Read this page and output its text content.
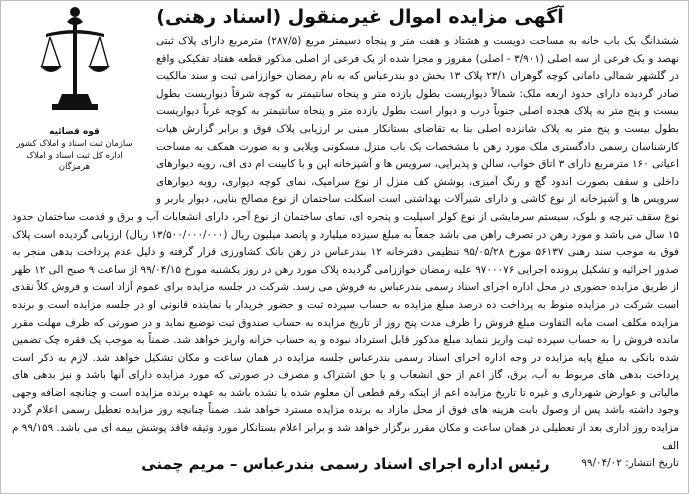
آگهی مزایده اموال غیرمنقول (اسناد رهنی)

قوه قضائیه

سازمان ثبت اسناد و املاک کشور

اداره کل ثبت اسناد و املاک هرمزگان

ششدانگ یک باب خانه به مساحت دویست و هشتاد و هفت متر و پنجاه دسیمتر مربع (۲۸۷/۵) مترمربع دارای پلاک ثبتی نهصد و یک فرعی از سه اصلی (۳/۹۰۱ - اصلی) مفروز و مجزا شده از یک فرعی از اصلی مذکور قطعه هفتاد تفکیکی واقع در گلشهر شمالی دامانی کوچه گوهران ۲۳/۱ پلاک ۱۳ بخش دو بندرعباس که به نام رمضان خواززامی ثبت و سند مالکیت صادر گردیده دارای حدود اربعه ملک: شمالاً دیواریست بطول یازده متر و پنجاه سانتیمتر به کوچه شرقاً دیواریست بطول بیست و پنج متر به پلاک هجده اصلی جنوباً درب و دیوار است بطول یازده متر و پنجاه سانتیمتر به کوچه غرباً دیواریست بطول بیست و پنج متر به پلاک شانزده اصلی بنا به تقاضای بستانکار مبنی بر ارزیابی پلاک فوق و برابر گزارش هیات کارشناسان رسمی دادگستری ملک مورد رهن با مشخصات یک باب منزل مسکونی ویلایی و به صورت همکف به مساحت اعیانی ۱۶۰ مترمربع دارای ۳ اتاق خواب، سالن و پذیرایی، سرویس ها و آشپزخانه اپن و با کابینت ام دی اف، رویه دیوارهای داخلی و سقف بصورت اندود گچ و رنگ آمیزی، پوشش کف منزل از نوع سرامیک، نمای کوچه دیواری، رویه دیوارهای سرویس ها و آشپزخانه از نوع کاشی و دارای شیرآلات بهداشتی است اسکلت ساختمان از نوع مصالح بنایی، دیوار باربر و نوع سقف تیرچه و بلوک، سیستم سرمایشی از نوع کولر اسپلیت و پنجره ای، نمای ساختمان از نوع آجر، دارای انشعابات آب و برق و قدمت ساختمان حدود ۱۵ سال می باشد و مورد رهن در تصرف راهن می باشد جمعاً به مبلغ سیزده میلیارد و پانصد میلیون ریال (۱۳/۵۰۰/۰۰۰/۰۰۰ ریال) ارزیابی گردیده است پلاک فوق به موجب سند رهنی ۵۶۱۳۷ مورخ ۹۵/۰۵/۲۸ تنظیمی دفترخانه ۱۲ بندرعباس در رهن بانک کشاورزی قرار گرفته و دلیل عدم پرداخت بدهی منجر به صدور اجرائیه و تشکیل پرونده اجرایی ۹۷۰۰۰۷۶ علیه رمضان خواززامی گردیده پلاک مورد رهن در روز یکشنبه مورخ ۹۹/۰۴/۱۵ از ساعت ۹ صبح الی ۱۲ ظهر از طریق مزایده حضوری در محل اداره اجرای اسناد رسمی بندرعباس به فروش می رسد. شرکت در جلسه مزایده برای عموم آزاد است و فروش کلاً نقدی است شرکت در مزایده منوط به پرداخت ده درصد مبلغ مزایده به حساب سپرده ثبت و حضور خریدار یا نماینده قانونی او در جلسه مزایده است و برنده مزایده مکلف است مابه التفاوت مبلغ فروش را ظرف مدت پنج روز از تاریخ مزایده به حساب صندوق ثبت توضیع نماید و در صورتی که ظرف مهلت مقرر مانده فروش را به حساب سپرده ثبت واریز ننماید مبلغ مذکور قابل استرداد نبوده و به حساب خزانه واریز خواهد شد. ضمناً به موجب یک فقره چک تضمین شده بانکی به مبلغ پایه مزایده در وجه اداره اجرای اسناد رسمی بندرعباس جلسه مزایده در همان ساعت و مکان تشکیل خواهد شد. لازم به ذکر است پرداخت بدهی های مربوط به آب، برق، گاز اعم از حق انشعاب و یا حق اشتراک و مصرف در صورتی که مورد مزایده دارای آنها باشد و نیز بدهی های مالیاتی و عوارض شهرداری و غیره تا تاریخ مزایده اعم از اینکه رقم قطعی آن معلوم شده یا نشده باشد به عهده برنده مزایده است و چنانچه اضافه وجهی وجود داشته باشد پس از وصول بابت هزینه های فوق از محل مازاد به برنده مزایده مسترد خواهد شد. ضمناً چنانچه روز مزایده تعطیل رسمی اعلام گردد مزایده روز اداری بعد از تعطیلی در همان ساعت و مکان مقرر برگزار خواهد شد و برابر اعلام بستانکار مورد وثیقه فاقد پوشش بیمه ای می باشد. ۹۹/۱۵۹ م الف
تاریخ انتشار: ۹۹/۰۴/۰۲

رئیس اداره اجرای اسناد رسمی بندرعباس – مریم چمنی
